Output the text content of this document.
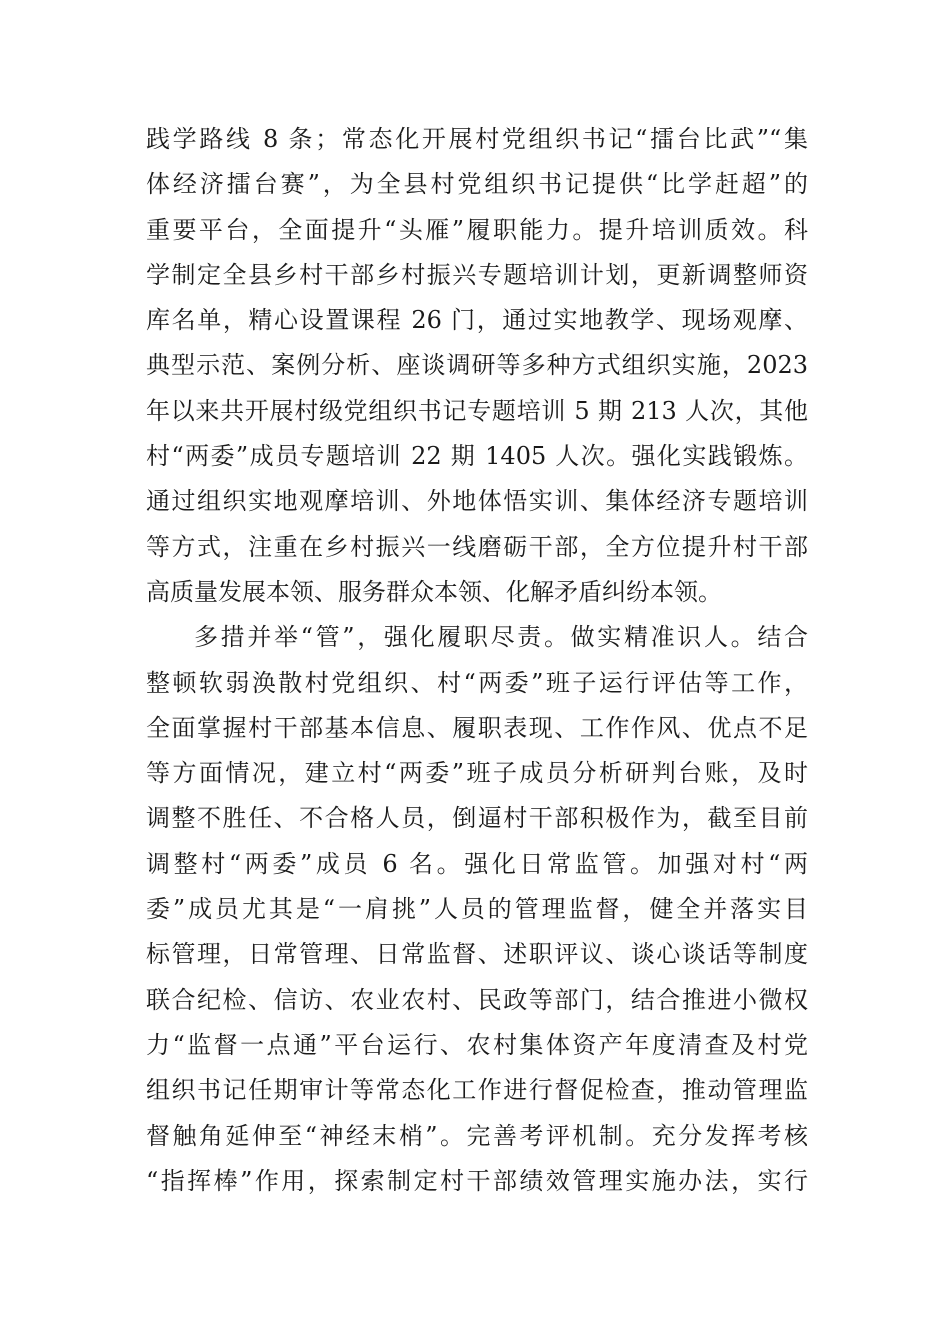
践学路线 8 条；常态化开展村党组织书记“擂台比武”“集
体经济擂台赛”，为全县村党组织书记提供“比学赶超”的
重要平台，全面提升“头雁”履职能力。提升培训质效。科
学制定全县乡村干部乡村振兴专题培训计划，更新调整师资
库名单，精心设置课程 26 门，通过实地教学、现场观摩、
典型示范、案例分析、座谈调研等多种方式组织实施，2023
年以来共开展村级党组织书记专题培训 5 期 213 人次，其他
村“两委”成员专题培训 22 期 1405 人次。强化实践锻炼。
通过组织实地观摩培训、外地体悟实训、集体经济专题培训
等方式，注重在乡村振兴一线磨砺干部，全方位提升村干部
高质量发展本领、服务群众本领、化解矛盾纠纷本领。
多措并举“管”，强化履职尽责。做实精准识人。结合
整顿软弱涣散村党组织、村“两委”班子运行评估等工作，
全面掌握村干部基本信息、履职表现、工作作风、优点不足
等方面情况，建立村“两委”班子成员分析研判台账，及时
调整不胜任、不合格人员，倒逼村干部积极作为，截至目前
调整村“两委”成员 6 名。强化日常监管。加强对村“两
委”成员尤其是“一肩挑”人员的管理监督，健全并落实目
标管理，日常管理、日常监督、述职评议、谈心谈话等制度
联合纪检、信访、农业农村、民政等部门，结合推进小微权
力“监督一点通”平台运行、农村集体资产年度清查及村党
组织书记任期审计等常态化工作进行督促检查，推动管理监
督触角延伸至“神经末梢”。完善考评机制。充分发挥考核
“指挥棒”作用，探索制定村干部绩效管理实施办法，实行
